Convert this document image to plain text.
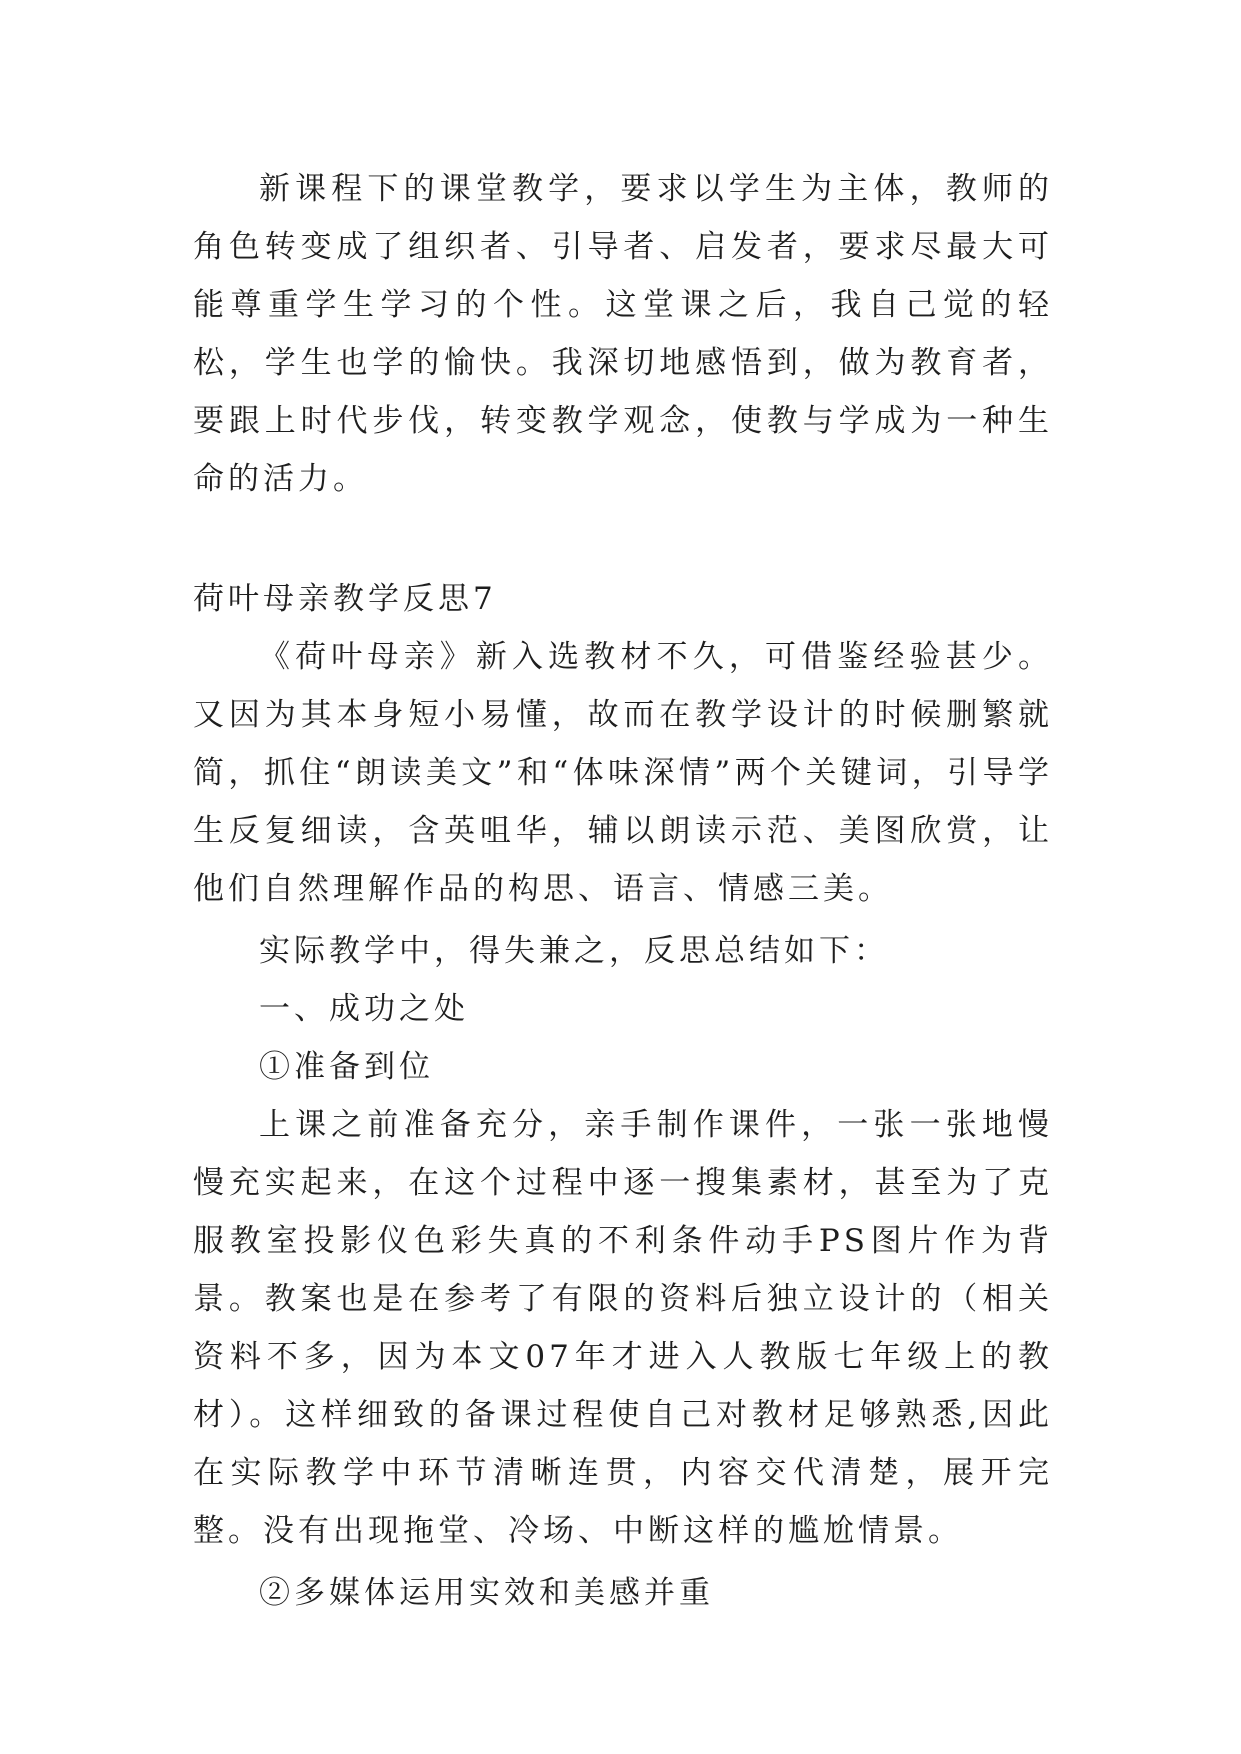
新课程下的课堂教学，要求以学生为主体，教师的角色转变成了组织者、引导者、启发者，要求尽最大可能尊重学生学习的个性。这堂课之后，我自己觉的轻松，学生也学的愉快。我深切地感悟到，做为教育者，要跟上时代步伐，转变教学观念，使教与学成为一种生命的活力。

荷叶母亲教学反思7

《荷叶母亲》新入选教材不久，可借鉴经验甚少。又因为其本身短小易懂，故而在教学设计的时候删繁就简，抓住“朗读美文”和“体味深情”两个关键词，引导学生反复细读，含英咀华，辅以朗读示范、美图欣赏，让他们自然理解作品的构思、语言、情感三美。

实际教学中，得失兼之，反思总结如下：

一、成功之处

①准备到位

上课之前准备充分，亲手制作课件，一张一张地慢慢充实起来，在这个过程中逐一搜集素材，甚至为了克服教室投影仪色彩失真的不利条件动手PS图片作为背景。教案也是在参考了有限的资料后独立设计的（相关资料不多，因为本文07年才进入人教版七年级上的教材）。这样细致的备课过程使自己对教材足够熟悉,因此在实际教学中环节清晰连贯，内容交代清楚，展开完整。没有出现拖堂、冷场、中断这样的尴尬情景。

②多媒体运用实效和美感并重
